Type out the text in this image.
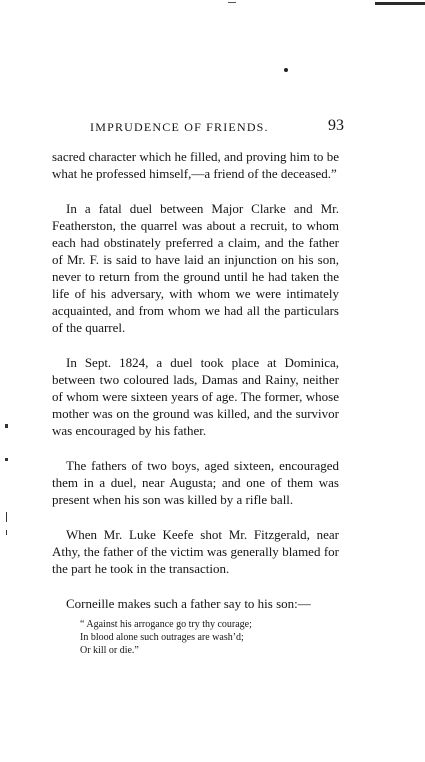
IMPRUDENCE OF FRIENDS.	93

sacred character which he filled, and proving him to be what he professed himself,—a friend of the deceased.”

In a fatal duel between Major Clarke and Mr. Featherston, the quarrel was about a recruit, to whom each had obstinately preferred a claim, and the father of Mr. F. is said to have laid an injunction on his son, never to return from the ground until he had taken the life of his adversary, with whom we were intimately acquainted, and from whom we had all the particulars of the quarrel.

In Sept. 1824, a duel took place at Dominica, between two coloured lads, Damas and Rainy, neither of whom were sixteen years of age. The former, whose mother was on the ground was killed, and the survivor was encouraged by his father.

The fathers of two boys, aged sixteen, encouraged them in a duel, near Augusta; and one of them was present when his son was killed by a rifle ball.

When Mr. Luke Keefe shot Mr. Fitzgerald, near Athy, the father of the victim was generally blamed for the part he took in the transaction.

Corneille makes such a father say to his son:—

“ Against his arrogance go try thy courage;
In blood alone such outrages are wash’d;
Or kill or die.”
